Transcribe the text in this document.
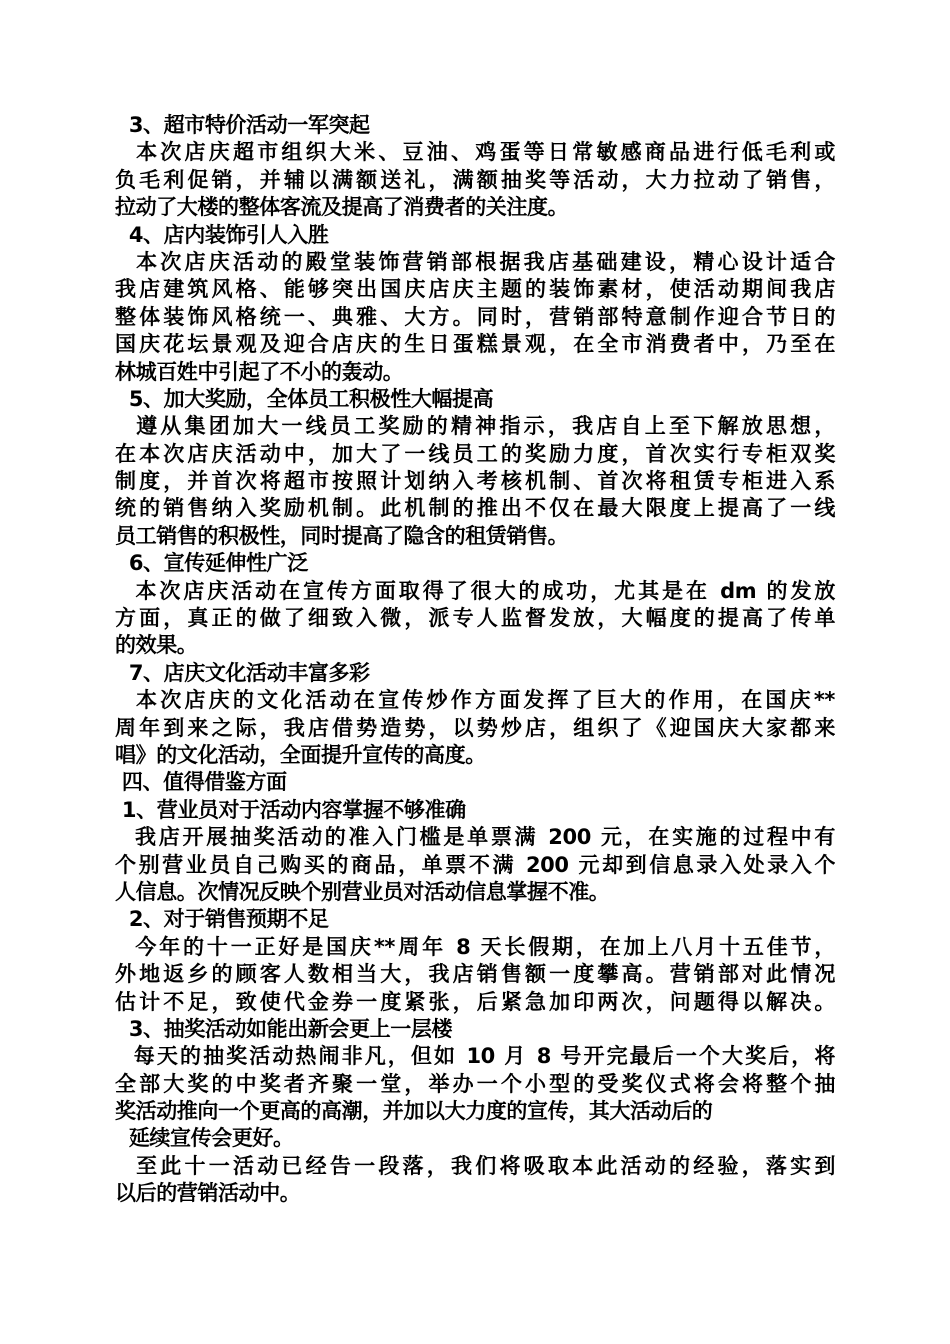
3、超市特价活动一军突起
本次店庆超市组织大米、豆油、鸡蛋等日常敏感商品进行低毛利或
负毛利促销，并辅以满额送礼，满额抽奖等活动，大力拉动了销售，
拉动了大楼的整体客流及提高了消费者的关注度。
4、店内装饰引人入胜
本次店庆活动的殿堂装饰营销部根据我店基础建设，精心设计适合
我店建筑风格、能够突出国庆店庆主题的装饰素材，使活动期间我店
整体装饰风格统一、典雅、大方。同时，营销部特意制作迎合节日的
国庆花坛景观及迎合店庆的生日蛋糕景观，在全市消费者中，乃至在
林城百姓中引起了不小的轰动。
5、加大奖励，全体员工积极性大幅提高
遵从集团加大一线员工奖励的精神指示，我店自上至下解放思想，
在本次店庆活动中，加大了一线员工的奖励力度，首次实行专柜双奖
制度，并首次将超市按照计划纳入考核机制、首次将租赁专柜进入系
统的销售纳入奖励机制。此机制的推出不仅在最大限度上提高了一线
员工销售的积极性，同时提高了隐含的租赁销售。
6、宣传延伸性广泛
本次店庆活动在宣传方面取得了很大的成功，尤其是在 dm 的发放
方面，真正的做了细致入微，派专人监督发放，大幅度的提高了传单
的效果。
7、店庆文化活动丰富多彩
本次店庆的文化活动在宣传炒作方面发挥了巨大的作用，在国庆**
周年到来之际，我店借势造势，以势炒店，组织了《迎国庆大家都来
唱》的文化活动，全面提升宣传的高度。
四、值得借鉴方面
1、营业员对于活动内容掌握不够准确
我店开展抽奖活动的准入门槛是单票满 200 元，在实施的过程中有
个别营业员自己购买的商品，单票不满 200 元却到信息录入处录入个
人信息。次情况反映个别营业员对活动信息掌握不准。
2、对于销售预期不足
今年的十一正好是国庆**周年 8 天长假期，在加上八月十五佳节，
外地返乡的顾客人数相当大，我店销售额一度攀高。营销部对此情况
估计不足，致使代金券一度紧张，后紧急加印两次，问题得以解决。
3、抽奖活动如能出新会更上一层楼
每天的抽奖活动热闹非凡，但如 10 月 8 号开完最后一个大奖后，将
全部大奖的中奖者齐聚一堂，举办一个小型的受奖仪式将会将整个抽
奖活动推向一个更高的高潮，并加以大力度的宣传，其大活动后的
延续宣传会更好。
至此十一活动已经告一段落，我们将吸取本此活动的经验，落实到
以后的营销活动中。
